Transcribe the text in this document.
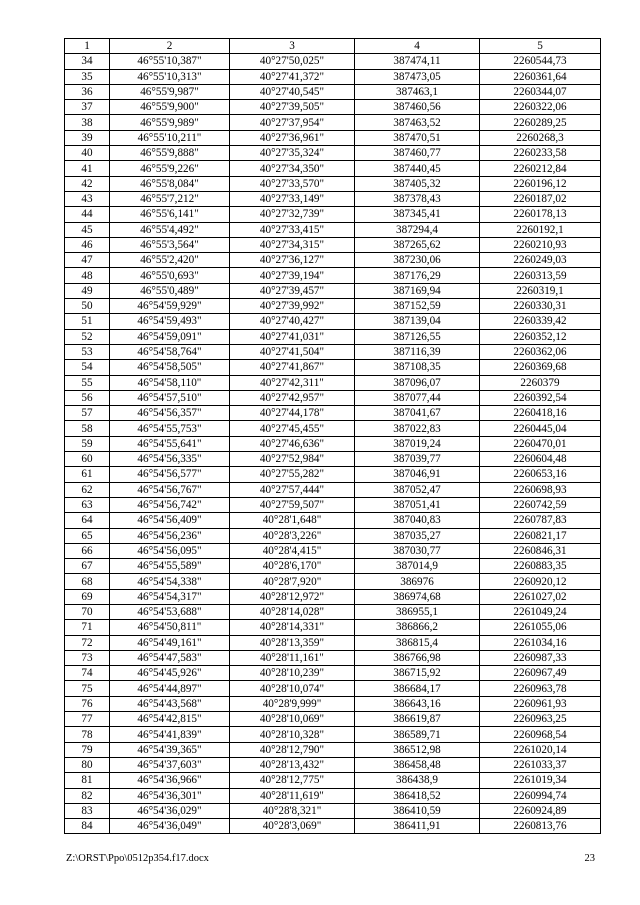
1	2	3	4	5
34	46°55'10,387"	40°27'50,025"	387474,11	2260544,73
35	46°55'10,313"	40°27'41,372"	387473,05	2260361,64
36	46°55'9,987"	40°27'40,545"	387463,1	2260344,07
37	46°55'9,900"	40°27'39,505"	387460,56	2260322,06
38	46°55'9,989"	40°27'37,954"	387463,52	2260289,25
39	46°55'10,211"	40°27'36,961"	387470,51	2260268,3
40	46°55'9,888"	40°27'35,324"	387460,77	2260233,58
41	46°55'9,226"	40°27'34,350"	387440,45	2260212,84
42	46°55'8,084"	40°27'33,570"	387405,32	2260196,12
43	46°55'7,212"	40°27'33,149"	387378,43	2260187,02
44	46°55'6,141"	40°27'32,739"	387345,41	2260178,13
45	46°55'4,492"	40°27'33,415"	387294,4	2260192,1
46	46°55'3,564"	40°27'34,315"	387265,62	2260210,93
47	46°55'2,420"	40°27'36,127"	387230,06	2260249,03
48	46°55'0,693"	40°27'39,194"	387176,29	2260313,59
49	46°55'0,489"	40°27'39,457"	387169,94	2260319,1
50	46°54'59,929"	40°27'39,992"	387152,59	2260330,31
51	46°54'59,493"	40°27'40,427"	387139,04	2260339,42
52	46°54'59,091"	40°27'41,031"	387126,55	2260352,12
53	46°54'58,764"	40°27'41,504"	387116,39	2260362,06
54	46°54'58,505"	40°27'41,867"	387108,35	2260369,68
55	46°54'58,110"	40°27'42,311"	387096,07	2260379
56	46°54'57,510"	40°27'42,957"	387077,44	2260392,54
57	46°54'56,357"	40°27'44,178"	387041,67	2260418,16
58	46°54'55,753"	40°27'45,455"	387022,83	2260445,04
59	46°54'55,641"	40°27'46,636"	387019,24	2260470,01
60	46°54'56,335"	40°27'52,984"	387039,77	2260604,48
61	46°54'56,577"	40°27'55,282"	387046,91	2260653,16
62	46°54'56,767"	40°27'57,444"	387052,47	2260698,93
63	46°54'56,742"	40°27'59,507"	387051,41	2260742,59
64	46°54'56,409"	40°28'1,648"	387040,83	2260787,83
65	46°54'56,236"	40°28'3,226"	387035,27	2260821,17
66	46°54'56,095"	40°28'4,415"	387030,77	2260846,31
67	46°54'55,589"	40°28'6,170"	387014,9	2260883,35
68	46°54'54,338"	40°28'7,920"	386976	2260920,12
69	46°54'54,317"	40°28'12,972"	386974,68	2261027,02
70	46°54'53,688"	40°28'14,028"	386955,1	2261049,24
71	46°54'50,811"	40°28'14,331"	386866,2	2261055,06
72	46°54'49,161"	40°28'13,359"	386815,4	2261034,16
73	46°54'47,583"	40°28'11,161"	386766,98	2260987,33
74	46°54'45,926"	40°28'10,239"	386715,92	2260967,49
75	46°54'44,897"	40°28'10,074"	386684,17	2260963,78
76	46°54'43,568"	40°28'9,999"	386643,16	2260961,93
77	46°54'42,815"	40°28'10,069"	386619,87	2260963,25
78	46°54'41,839"	40°28'10,328"	386589,71	2260968,54
79	46°54'39,365"	40°28'12,790"	386512,98	2261020,14
80	46°54'37,603"	40°28'13,432"	386458,48	2261033,37
81	46°54'36,966"	40°28'12,775"	386438,9	2261019,34
82	46°54'36,301"	40°28'11,619"	386418,52	2260994,74
83	46°54'36,029"	40°28'8,321"	386410,59	2260924,89
84	46°54'36,049"	40°28'3,069"	386411,91	2260813,76
Z:\ORST\Ppo\0512p354.f17.docx	23
